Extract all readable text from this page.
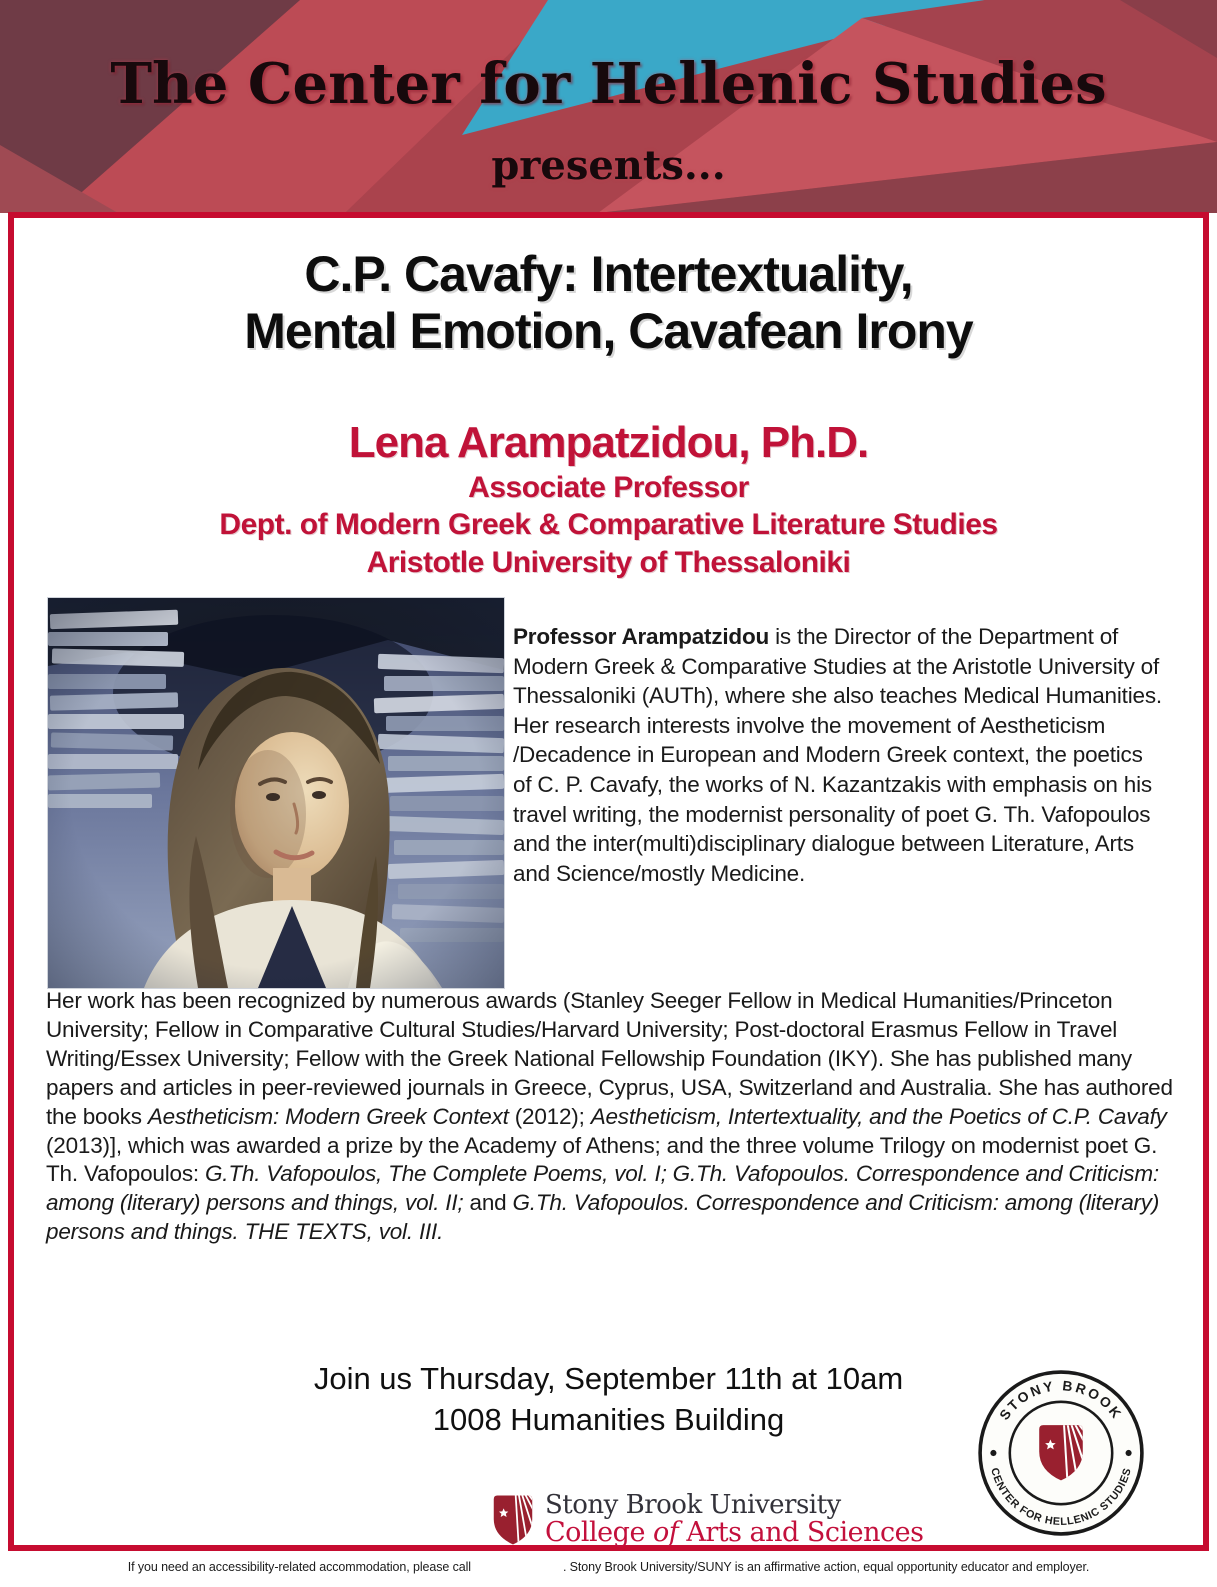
The Center for Hellenic Studies
presents...
C.P. Cavafy: Intertextuality,
Mental Emotion, Cavafean Irony
Lena Arampatzidou, Ph.D.
Associate Professor
Dept. of Modern Greek & Comparative Literature Studies
Aristotle University of Thessaloniki
Professor Arampatzidou is the Director of the Department of Modern Greek & Comparative Studies at the Aristotle University of Thessaloniki (AUTh), where she also teaches Medical Humanities. Her research interests involve the movement of Aestheticism /Decadence in European and Modern Greek context, the poetics of C. P. Cavafy, the works of N. Kazantzakis with emphasis on his travel writing, the modernist personality of poet G. Th. Vafopoulos and the inter(multi)disciplinary dialogue between Literature, Arts and Science/mostly Medicine.
Her work has been recognized by numerous awards (Stanley Seeger Fellow in Medical Humanities/Princeton University; Fellow in Comparative Cultural Studies/Harvard University; Post-doctoral Erasmus Fellow in Travel Writing/Essex University; Fellow with the Greek National Fellowship Foundation (IKY). She has published many papers and articles in peer-reviewed journals in Greece, Cyprus, USA, Switzerland and Australia. She has authored the books Aestheticism: Modern Greek Context (2012); Aestheticism, Intertextuality, and the Poetics of C.P. Cavafy (2013)], which was awarded a prize by the Academy of Athens; and the three volume Trilogy on modernist poet G. Th. Vafopoulos: G.Th. Vafopoulos, The Complete Poems, vol. I; G.Th. Vafopoulos. Correspondence and Criticism: among (literary) persons and things, vol. II; and G.Th. Vafopoulos. Correspondence and Criticism: among (literary) persons and things. THE TEXTS, vol. III.
Join us Thursday, September 11th at 10am
1008 Humanities Building	STONY BROOK
CENTER FOR HELLENIC STUDIES
Stony Brook University
College of Arts and Sciences
If you need an accessibility-related accommodation, please call	. Stony Brook University/SUNY is an affirmative action, equal opportunity educator and employer.
